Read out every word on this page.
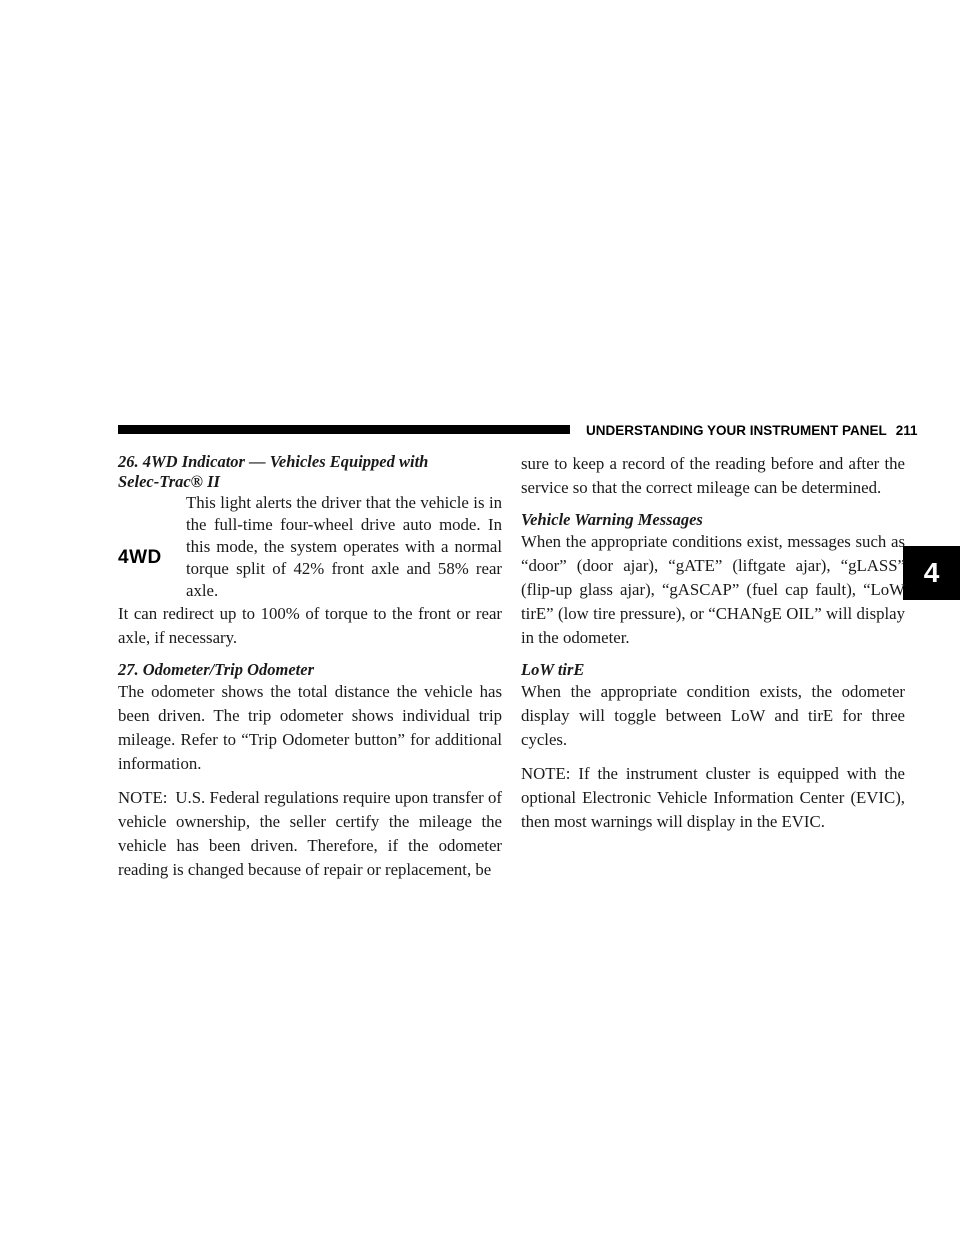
UNDERSTANDING YOUR INSTRUMENT PANEL 211
4
26. 4WD Indicator — Vehicles Equipped with
Selec-Trac® II
4WD

This light alerts the driver that the vehicle is in the full-time four-wheel drive auto mode. In this mode, the system operates with a normal torque split of 42% front axle and 58% rear axle.

It can redirect up to 100% of torque to the front or rear axle, if necessary.

27. Odometer/Trip Odometer

The odometer shows the total distance the vehicle has been driven. The trip odometer shows individual trip mileage. Refer to “Trip Odometer button” for additional information.

NOTE: U.S. Federal regulations require upon transfer of vehicle ownership, the seller certify the mileage the vehicle has been driven. Therefore, if the odometer reading is changed because of repair or replacement, be

sure to keep a record of the reading before and after the service so that the correct mileage can be determined.

Vehicle Warning Messages

When the appropriate conditions exist, messages such as “door” (door ajar), “gATE” (liftgate ajar), “gLASS” (flip-up glass ajar), “gASCAP” (fuel cap fault), “LoW tirE” (low tire pressure), or “CHANgE OIL” will display in the odometer.

LoW tirE

When the appropriate condition exists, the odometer display will toggle between LoW and tirE for three cycles.

NOTE: If the instrument cluster is equipped with the optional Electronic Vehicle Information Center (EVIC), then most warnings will display in the EVIC.
